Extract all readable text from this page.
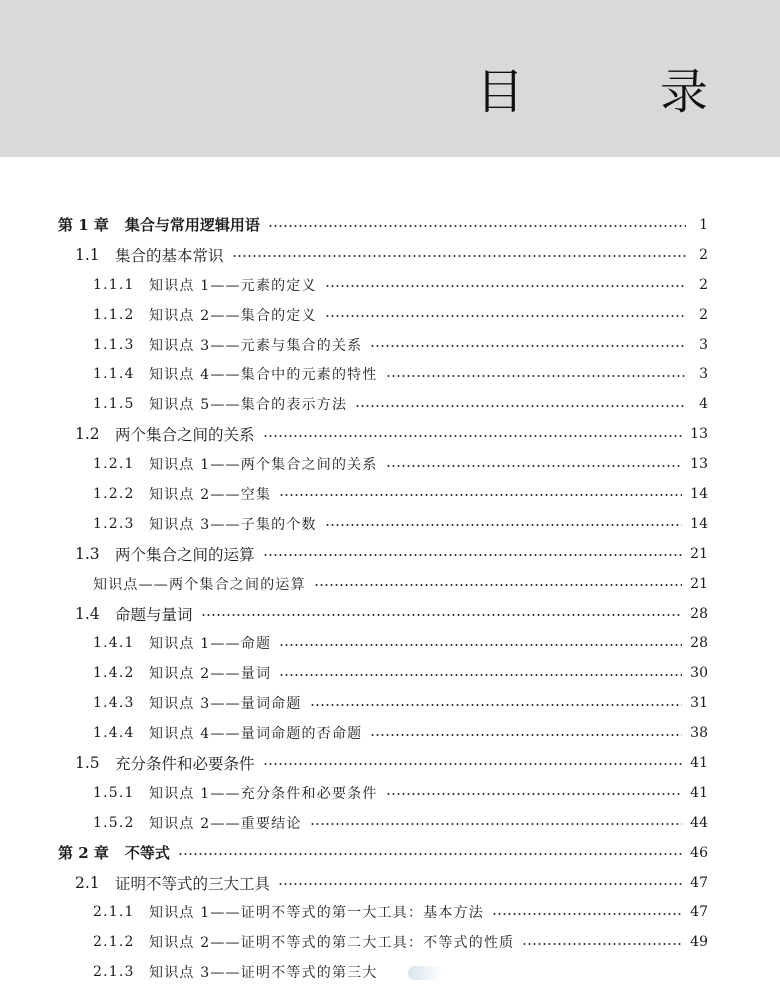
目　录
第 1 章 集合与常用逻辑用语	1
1.1 集合的基本常识	2
1.1.1	知识点 1——元素的定义	2
1.1.2	知识点 2——集合的定义	2
1.1.3	知识点 3——元素与集合的关系	3
1.1.4	知识点 4——集合中的元素的特性	3
1.1.5	知识点 5——集合的表示方法	4
1.2 两个集合之间的关系	13
1.2.1	知识点 1——两个集合之间的关系	13
1.2.2	知识点 2——空集	14
1.2.3	知识点 3——子集的个数	14
1.3 两个集合之间的运算	21
知识点——两个集合之间的运算	21
1.4 命题与量词	28
1.4.1	知识点 1——命题	28
1.4.2	知识点 2——量词	30
1.4.3	知识点 3——量词命题	31
1.4.4	知识点 4——量词命题的否命题	38
1.5 充分条件和必要条件	41
1.5.1	知识点 1——充分条件和必要条件	41
1.5.2	知识点 2——重要结论	44
第 2 章 不等式	46
2.1 证明不等式的三大工具	47
2.1.1	知识点 1——证明不等式的第一大工具：基本方法	47
2.1.2	知识点 2——证明不等式的第二大工具：不等式的性质	49
2.1.3	知识点 3——证明不等式的第三大
